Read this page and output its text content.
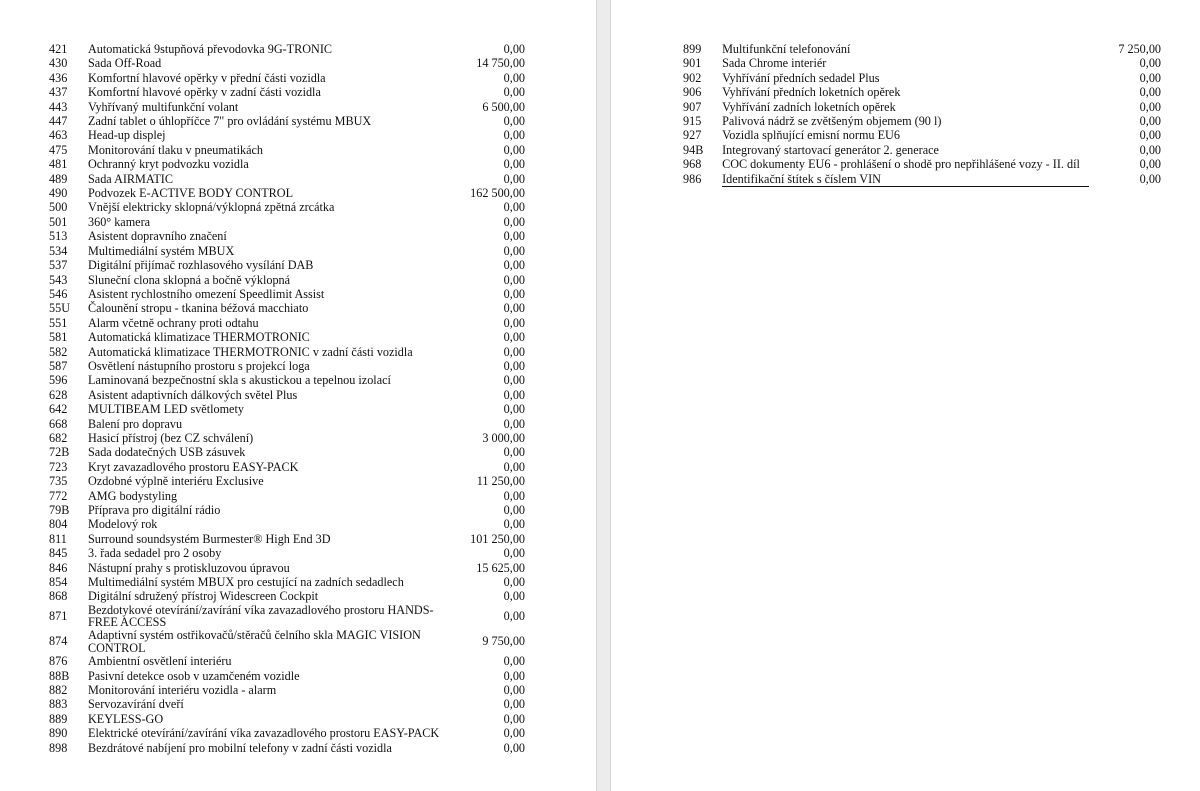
421	Automatická 9stupňová převodovka 9G-TRONIC	0,00
430	Sada Off-Road	14 750,00
436	Komfortní hlavové opěrky v přední části vozidla	0,00
437	Komfortní hlavové opěrky v zadní části vozidla	0,00
443	Vyhřívaný multifunkční volant	6 500,00
447	Zadní tablet o úhlopříčce 7" pro ovládání systému MBUX	0,00
463	Head-up displej	0,00
475	Monitorování tlaku v pneumatikách	0,00
481	Ochranný kryt podvozku vozidla	0,00
489	Sada AIRMATIC	0,00
490	Podvozek E-ACTIVE BODY CONTROL	162 500,00
500	Vnější elektricky sklopná/výklopná zpětná zrcátka	0,00
501	360° kamera	0,00
513	Asistent dopravního značení	0,00
534	Multimediální systém MBUX	0,00
537	Digitální přijímač rozhlasového vysílání DAB	0,00
543	Sluneční clona sklopná a bočně výklopná	0,00
546	Asistent rychlostního omezení Speedlimit Assist	0,00
55U	Čalounění stropu - tkanina béžová macchiato	0,00
551	Alarm včetně ochrany proti odtahu	0,00
581	Automatická klimatizace THERMOTRONIC	0,00
582	Automatická klimatizace THERMOTRONIC v zadní části vozidla	0,00
587	Osvětlení nástupního prostoru s projekcí loga	0,00
596	Laminovaná bezpečnostní skla s akustickou a tepelnou izolací	0,00
628	Asistent adaptivních dálkových světel Plus	0,00
642	MULTIBEAM LED světlomety	0,00
668	Balení pro dopravu	0,00
682	Hasicí přístroj (bez CZ schválení)	3 000,00
72B	Sada dodatečných USB zásuvek	0,00
723	Kryt zavazadlového prostoru EASY-PACK	0,00
735	Ozdobné výplně interiéru Exclusive	11 250,00
772	AMG bodystyling	0,00
79B	Příprava pro digitální rádio	0,00
804	Modelový rok	0,00
811	Surround soundsystém Burmester® High End 3D	101 250,00
845	3. řada sedadel pro 2 osoby	0,00
846	Nástupní prahy s protiskluzovou úpravou	15 625,00
854	Multimediální systém MBUX pro cestující na zadních sedadlech	0,00
868	Digitální sdružený přístroj Widescreen Cockpit	0,00
871	Bezdotykové otevírání/zavírání víka zavazadlového prostoru HANDS-FREE ACCESS	0,00
874	Adaptivní systém ostřikovačů/stěračů čelního skla MAGIC VISION CONTROL	9 750,00
876	Ambientní osvětlení interiéru	0,00
88B	Pasivní detekce osob v uzamčeném vozidle	0,00
882	Monitorování interiéru vozidla - alarm	0,00
883	Servozavírání dveří	0,00
889	KEYLESS-GO	0,00
890	Elektrické otevírání/zavírání víka zavazadlového prostoru EASY-PACK	0,00
898	Bezdrátové nabíjení pro mobilní telefony v zadní části vozidla	0,00
899	Multifunkční telefonování	7 250,00
901	Sada Chrome interiér	0,00
902	Vyhřívání předních sedadel Plus	0,00
906	Vyhřívání předních loketních opěrek	0,00
907	Vyhřívání zadních loketních opěrek	0,00
915	Palivová nádrž se zvětšeným objemem (90 l)	0,00
927	Vozidla splňující emisní normu EU6	0,00
94B	Integrovaný startovací generátor 2. generace	0,00
968	COC dokumenty EU6 - prohlášení o shodě pro nepřihlášené vozy - II. díl	0,00
986	Identifikační štítek s číslem VIN	0,00
